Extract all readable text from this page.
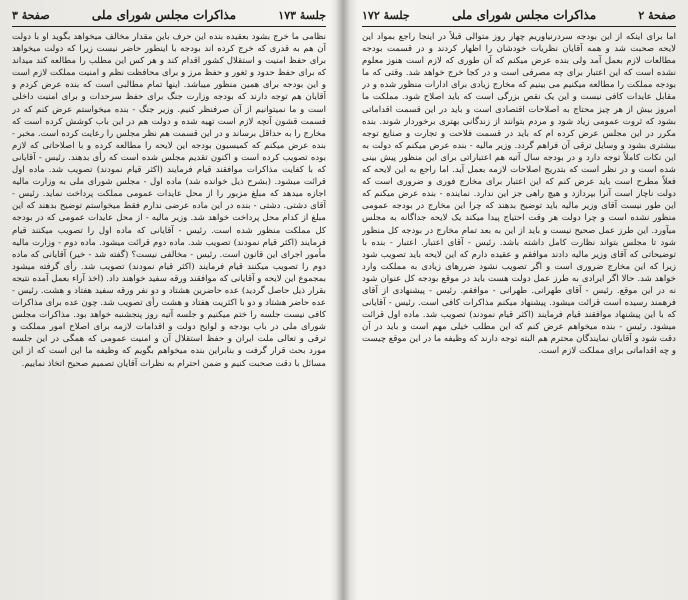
جلسهٔ ۱۷۳
مذاکرات مجلس شورای ملی
صفحهٔ ۳

نظامی ما خرج بشود بعقیده بنده این حرف باین مقدار مخالف میخواهد بگوید او با دولت آن هم به قدری که خرج کرده اند بودجه با اینطور حاضر نیست زیرا که دولت میخواهد برای حفظ امنیت و استقلال کشور اقدام کند و هر کس این مطلب را مطالعه کند میداند که برای حفظ حدود و ثغور و حفظ مرز و برای محافظت نظم و امنیت مملکت لازم است و این بودجه برای همین منظور میباشد. اینها تمام مطالبی است که بنده عرض کردم و آقایان هم توجه دارند که بودجه وزارت جنگ برای حفظ سرحدات و برای امنیت داخلی است و ما نمیتوانیم از آن صرفنظر کنیم. وزیر جنگ - بنده میخواستم عرض کنم که در قسمت قشون آنچه لازم است تهیه شده و دولت هم در این باب کوشش کرده است که مخارج را به حداقل برساند و در این قسمت هم نظر مجلس را رعایت کرده است. مخبر - بنده عرض میکنم که کمیسیون بودجه این لایحه را مطالعه کرده و با اصلاحاتی که لازم بوده تصویب کرده است و اکنون تقدیم مجلس شده است که رأی بدهند. رئیس - آقایانی که با کفایت مذاکرات موافقند قیام فرمایند (اکثر قیام نمودند) تصویب شد. ماده اول قرائت میشود. (بشرح ذیل خوانده شد) ماده اول - مجلس شورای ملی به وزارت مالیه اجازه میدهد که مبلغ مزبور را از محل عایدات عمومی مملکت پرداخت نماید. رئیس - آقای دشتی. دشتی - بنده در این ماده عرضی ندارم فقط میخواستم توضیح بدهند که این مبلغ از کدام محل پرداخت خواهد شد. وزیر مالیه - از محل عایدات عمومی که در بودجه کل مملکت منظور شده است. رئیس - آقایانی که ماده اول را تصویب میکنند قیام فرمایند (اکثر قیام نمودند) تصویب شد. ماده دوم قرائت میشود. ماده دوم - وزارت مالیه مأمور اجرای این قانون است. رئیس - مخالفی نیست؟ (گفته شد - خیر) آقایانی که ماده دوم را تصویب میکنند قیام فرمایند (اکثر قیام نمودند) تصویب شد. رأی گرفته میشود بمجموع این لایحه و آقایانی که موافقند ورقه سفید خواهند داد. (اخذ آراء بعمل آمده نتیجه بقرار ذیل حاصل گردید) عده حاضرین هشتاد و دو نفر ورقه سفید هفتاد و هشت. رئیس - عده حاضر هشتاد و دو با اکثریت هفتاد و هشت رأی تصویب شد. چون عده برای مذاکرات کافی نیست جلسه را ختم میکنیم و جلسه آتیه روز پنجشنبه خواهد بود. مذاکرات مجلس شورای ملی در باب بودجه و لوایح دولت و اقدامات لازمه برای اصلاح امور مملکت و ترقی و تعالی ملت ایران و حفظ استقلال آن و امنیت عمومی که همگی در این جلسه مورد بحث قرار گرفت و بنابراین بنده میخواهم بگویم که وظیفه ما این است که از این مسائل با دقت صحبت کنیم و ضمن احترام به نظرات آقایان تصمیم صحیح اتخاذ نماییم.

صفحهٔ ۲
مذاکرات مجلس شورای ملی
جلسهٔ ۱۷۲

اما برای اینکه از این بودجه سردرنیاوریم چهار روز متوالی قبلاً در اینجا راجع بمواد این لایحه صحبت شد و همه آقایان نظریات خودشان را اظهار کردند و در قسمت بودجه مطالعات لازم بعمل آمد ولی بنده عرض میکنم که آن طوری که لازم است هنوز معلوم نشده است که این اعتبار برای چه مصرفی است و در کجا خرج خواهد شد. وقتی که ما بودجه مملکت را مطالعه میکنیم می بینیم که مخارج زیادی برای ادارات منظور شده و در مقابل عایدات کافی نیست و این یک نقص بزرگی است که باید اصلاح شود. مملکت ما امروز بیش از هر چیز محتاج به اصلاحات اقتصادی است و باید در این قسمت اقداماتی بشود که ثروت عمومی زیاد شود و مردم بتوانند از زندگانی بهتری برخوردار شوند. بنده مکرر در این مجلس عرض کرده ام که باید در قسمت فلاحت و تجارت و صنایع توجه بیشتری بشود و وسایل ترقی آن فراهم گردد. وزیر مالیه - بنده عرض میکنم که دولت به این نکات کاملاً توجه دارد و در بودجه سال آتیه هم اعتباراتی برای این منظور پیش بینی شده است و در نظر است که بتدریج اصلاحات لازمه بعمل آید. اما راجع به این لایحه که فعلاً مطرح است باید عرض کنم که این اعتبار برای مخارج فوری و ضروری است که دولت ناچار است آنرا بپردازد و هیچ راهی جز این ندارد. نماینده - بنده عرض میکنم که این طور نیست آقای وزیر مالیه باید توضیح بدهند که چرا این مخارج در بودجه عمومی منظور نشده است و چرا دولت هر وقت احتیاج پیدا میکند یک لایحه جداگانه به مجلس میآورد. این طرز عمل صحیح نیست و باید از این به بعد تمام مخارج در بودجه کل منظور شود تا مجلس بتواند نظارت کامل داشته باشد. رئیس - آقای اعتبار. اعتبار - بنده با توضیحاتی که آقای وزیر مالیه دادند موافقم و عقیده دارم که این لایحه باید تصویب شود زیرا که این مخارج ضروری است و اگر تصویب نشود ضررهای زیادی به مملکت وارد خواهد شد. حالا اگر ایرادی به طرز عمل دولت هست باید در موقع بودجه کل عنوان شود نه در این موقع. رئیس - آقای طهرانی. طهرانی - موافقم. رئیس - پیشنهادی از آقای فرهمند رسیده است قرائت میشود. پیشنهاد میکنم مذاکرات کافی است. رئیس - آقایانی که با این پیشنهاد موافقند قیام فرمایند (اکثر قیام نمودند) تصویب شد. ماده اول قرائت میشود. رئیس - بنده میخواهم عرض کنم که این مطلب خیلی مهم است و باید در آن دقت شود و آقایان نمایندگان محترم هم البته توجه دارند که وظیفه ما در این موقع چیست و چه اقداماتی برای مملکت لازم است.
